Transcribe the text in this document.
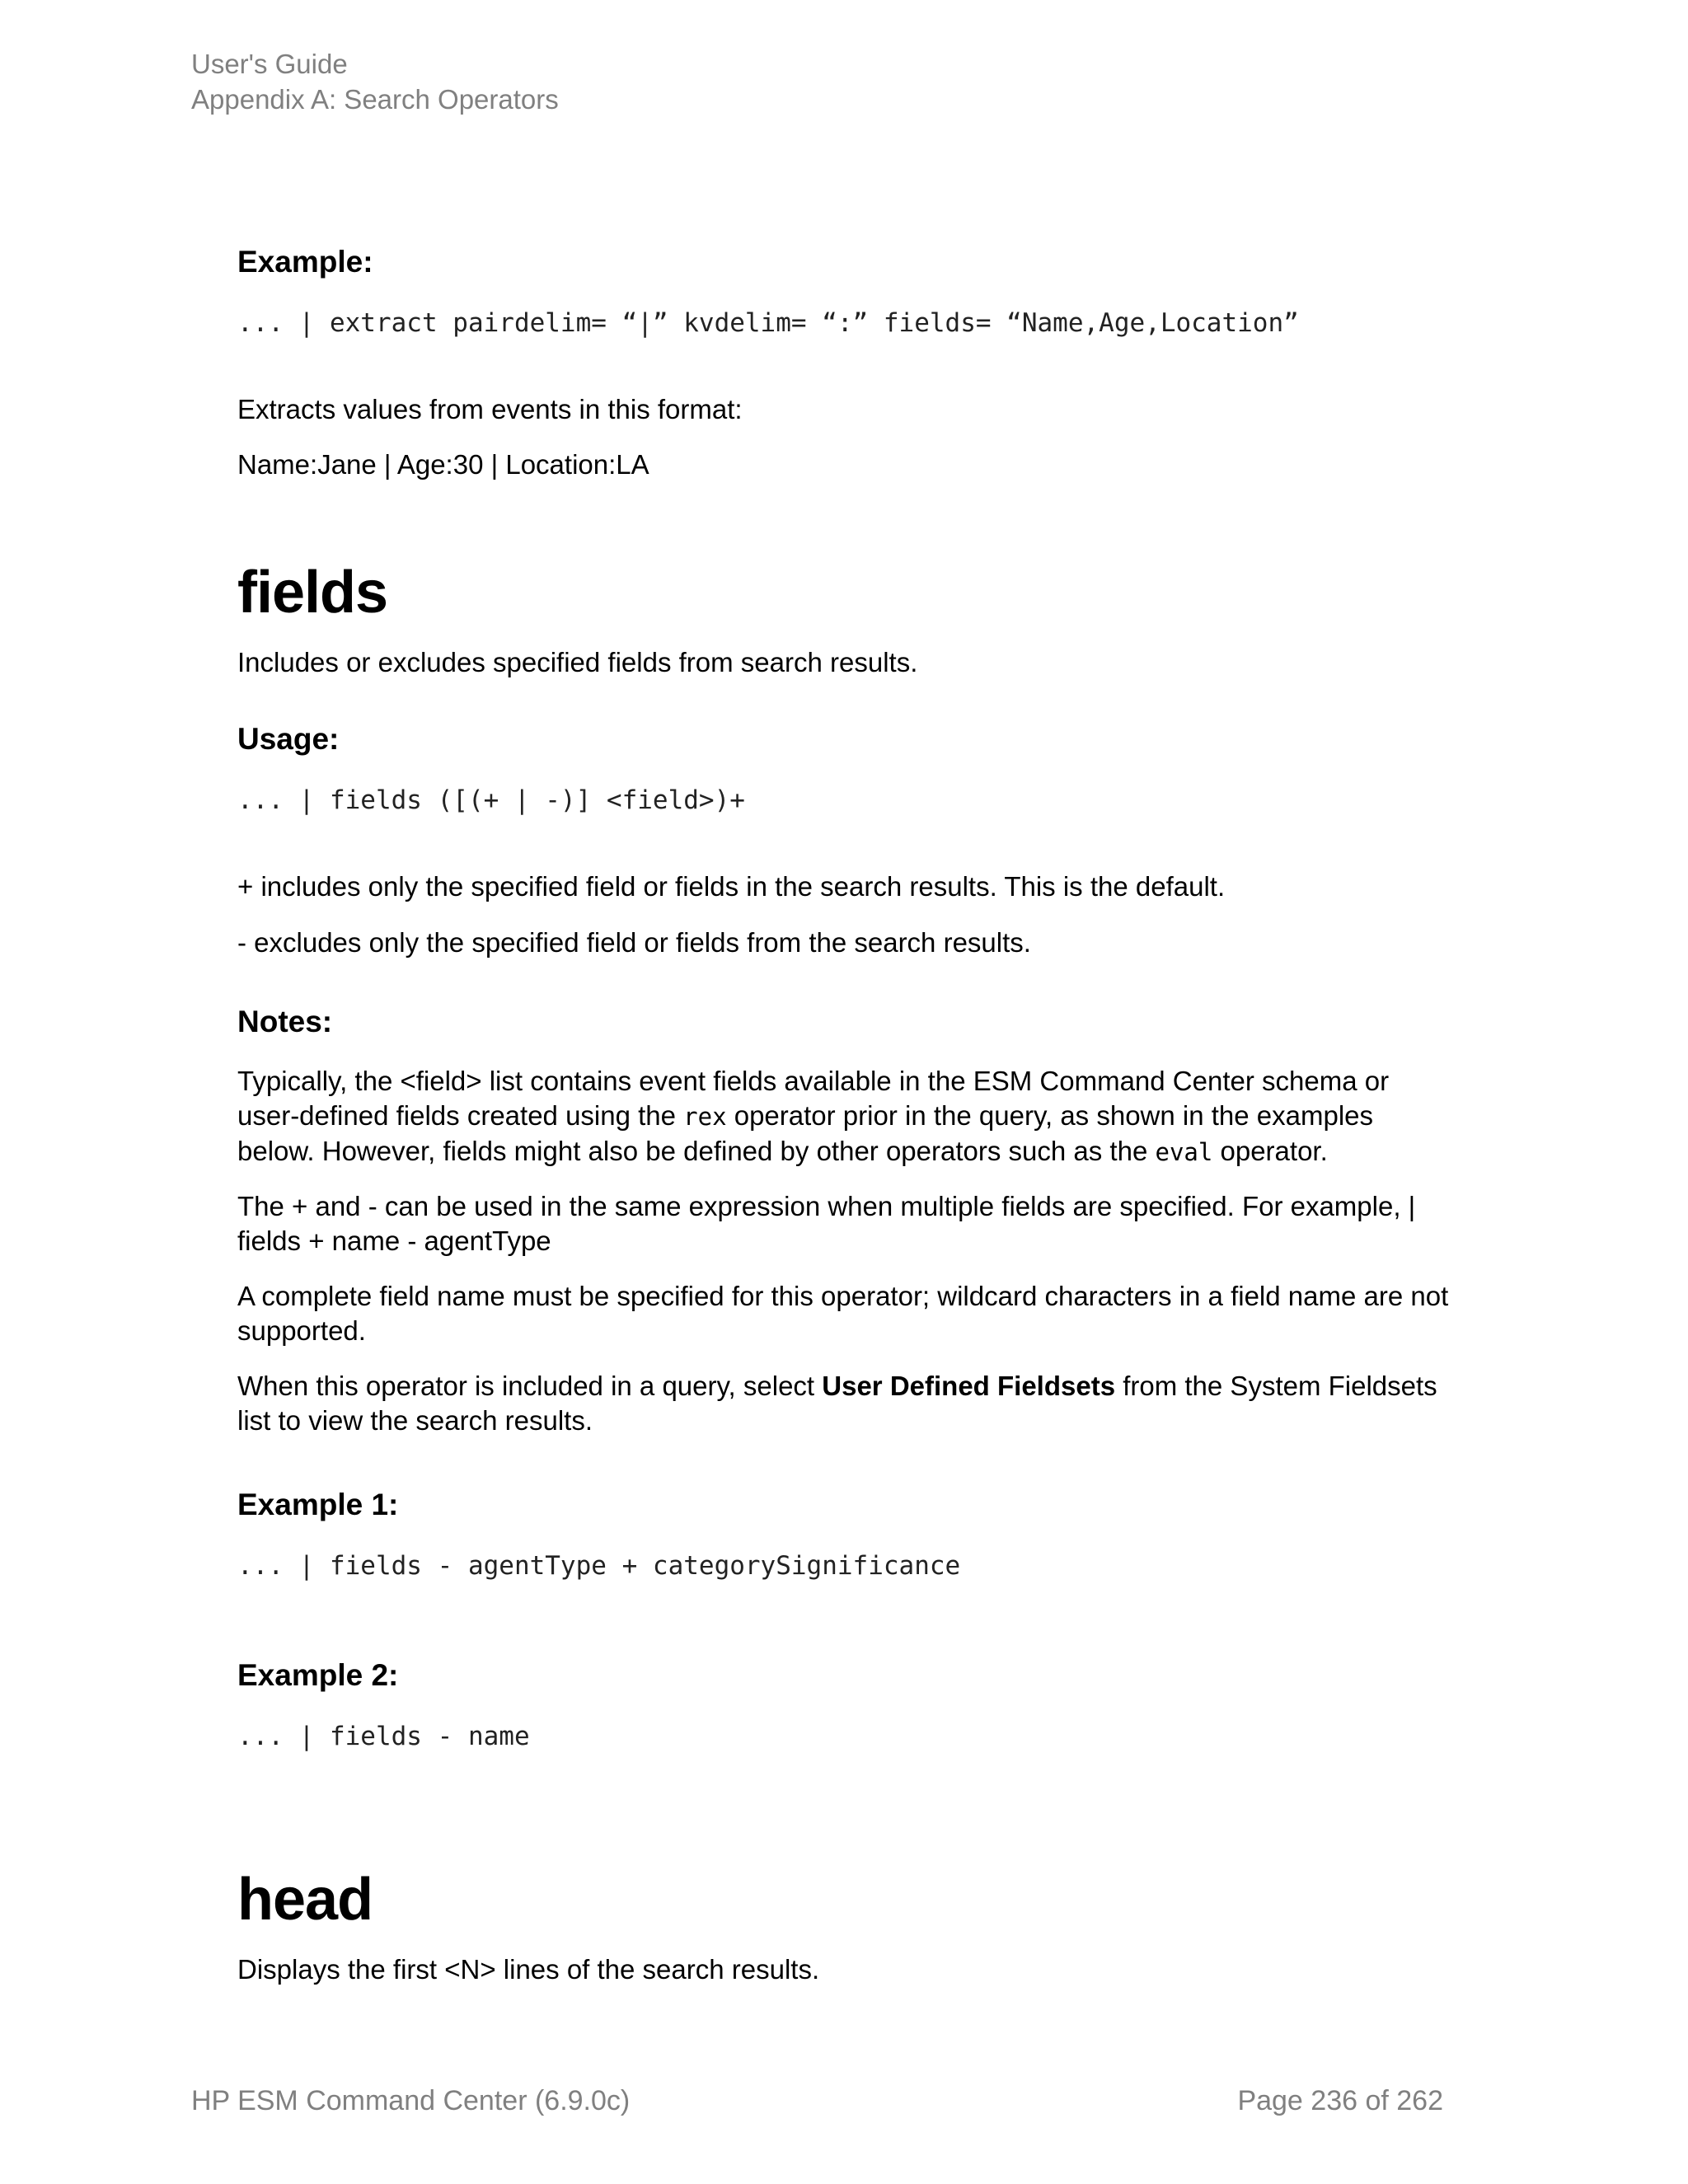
User's Guide
Appendix A: Search Operators
Example:
... | extract pairdelim= “|” kvdelim= “:” fields= “Name,Age,Location”
Extracts values from events in this format:
Name:Jane | Age:30 | Location:LA
fields
Includes or excludes specified fields from search results.
Usage:
... | fields ([(+ | -)] <field>)+
+ includes only the specified field or fields in the search results. This is the default.
- excludes only the specified field or fields from the search results.
Notes:
Typically, the <field> list contains event fields available in the ESM Command Center schema or user-defined fields created using the rex operator prior in the query, as shown in the examples below. However, fields might also be defined by other operators such as the eval operator.
The + and - can be used in the same expression when multiple fields are specified. For example, | fields + name - agentType
A complete field name must be specified for this operator; wildcard characters in a field name are not supported.
When this operator is included in a query, select User Defined Fieldsets from the System Fieldsets list to view the search results.
Example 1:
... | fields - agentType + categorySignificance
Example 2:
... | fields - name
head
Displays the first <N> lines of the search results.
HP ESM Command Center (6.9.0c)	Page 236 of 262
